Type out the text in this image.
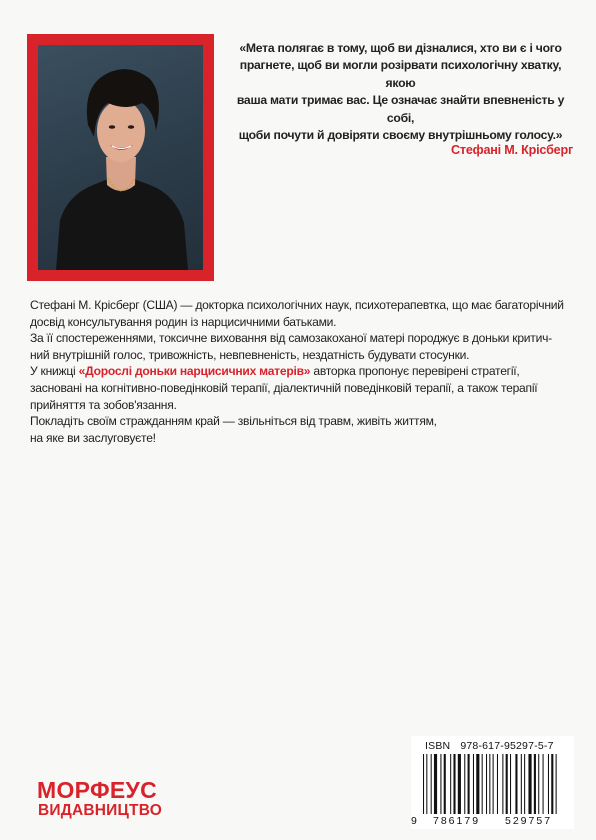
«Мета полягає в тому, щоб ви дізналися, хто ви є і чого

прагнете, щоб ви могли розірвати психологічну хватку, якою

ваша мати тримає вас. Це означає знайти впевненість у собі,

щоби почути й довіряти своєму внутрішньому голосу.»

Стефані М. Крісберг

Стефані М. Крісберг (США) — докторка психологічних наук, психотерапевтка, що має багаторічний
досвід консультування родин із нарцисичними батьками.

За її спостереженнями, токсичне виховання від самозакоханої матері породжує в доньки критич-
ний внутрішній голос, тривожність, невпевненість, нездатність будувати стосунки.

У книжці «Дорослі доньки нарцисичних матерів» авторка пропонує перевірені стратегії,
засновані на когнітивно-поведінковій терапії, діалектичній поведінковій терапії, а також терапії
прийняття та зобов'язання.

Покладіть своїм стражданням край — звільніться від травм, живіть життям,
на яке ви заслуговуєте!

МОРФЕУС
ВИДАВНИЦТВО
ISBN 978-617-95297-5-7
9 786179 529757
